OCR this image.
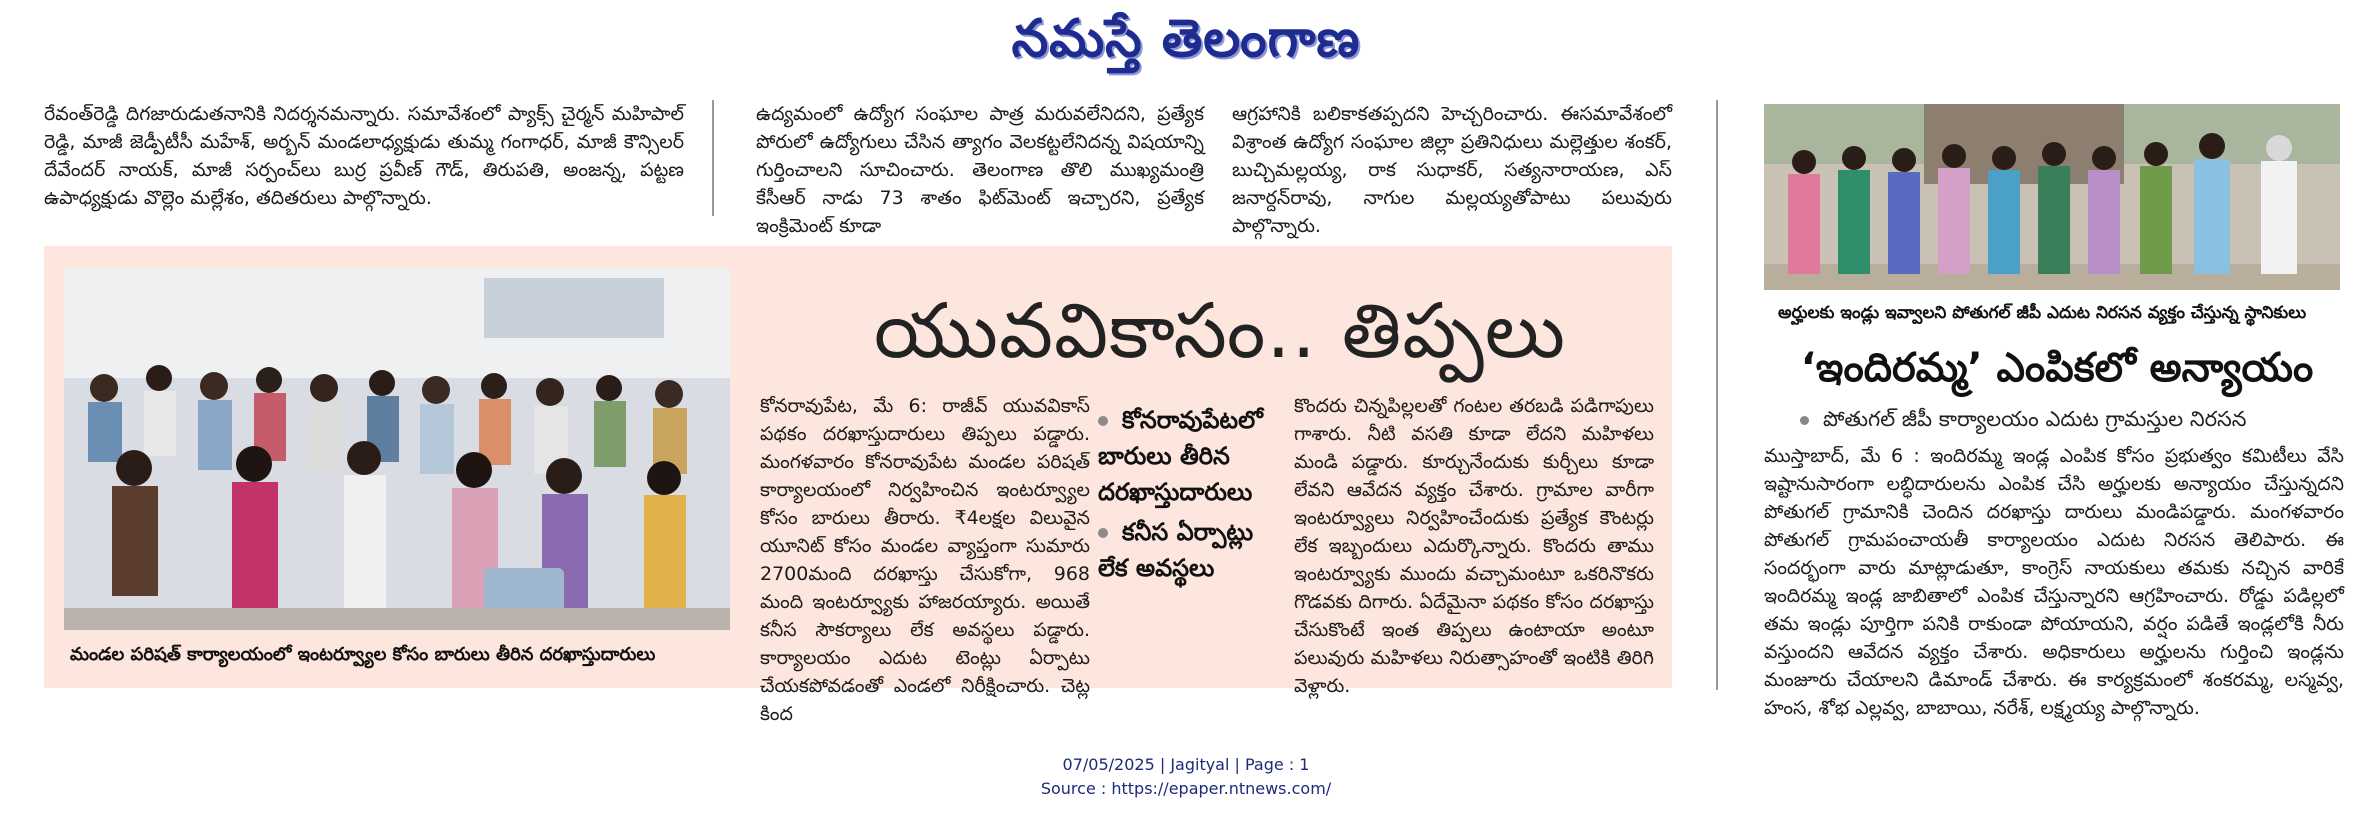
నమస్తే తెలంగాణ
రేవంత్‌రెడ్డి దిగజారుడుతనానికి నిదర్శనమన్నారు. సమావేశంలో ప్యాక్స్ చైర్మన్ మహిపాల్ రెడ్డి, మాజీ జెడ్పీటీసీ మహేశ్, అర్బన్ మండలాధ్యక్షుడు తుమ్మ గంగాధర్, మాజీ కౌన్సిలర్ దేవేందర్ నాయక్, మాజీ సర్పంచ్‌లు బుర్ర ప్రవీణ్ గౌడ్, తిరుపతి, అంజన్న, పట్టణ ఉపాధ్యక్షుడు వొల్లెం మల్లేశం, తదితరులు పాల్గొన్నారు.
ఉద్యమంలో ఉద్యోగ సంఘాల పాత్ర మరువలేనిదని, ప్రత్యేక పోరులో ఉద్యోగులు చేసిన త్యాగం వెలకట్టలేనిదన్న విషయాన్ని గుర్తించాలని సూచించారు. తెలంగాణ తొలి ముఖ్యమంత్రి కేసీఆర్ నాడు 73 శాతం ఫిట్‌మెంట్ ఇచ్చారని, ప్రత్యేక ఇంక్రిమెంట్ కూడా
ఆగ్రహానికి బలికాకతప్పదని హెచ్చరించారు. ఈసమావేశంలో విశ్రాంత ఉద్యోగ సంఘాల జిల్లా ప్రతినిధులు మల్లెత్తుల శంకర్, బుచ్చిమల్లయ్య, రాక సుధాకర్, సత్యనారాయణ, ఎస్ జనార్దన్‌రావు, నాగుల మల్లయ్యతోపాటు పలువురు పాల్గొన్నారు.
మండల పరిషత్ కార్యాలయంలో ఇంటర్వ్యూల కోసం బారులు తీరిన దరఖాస్తుదారులు
యువవికాసం.. తిప్పలు
కోనరావుపేట, మే 6: రాజీవ్ యువవికాస్ పథకం దరఖాస్తుదారులు తిప్పలు పడ్డారు. మంగళవారం కోనరావుపేట మండల పరిషత్ కార్యాలయంలో నిర్వహించిన ఇంటర్వ్యూల కోసం బారులు తీరారు. ₹4లక్షల విలువైన యూనిట్ కోసం మండల వ్యాప్తంగా సుమారు 2700మంది దరఖాస్తు చేసుకోగా, 968 మంది ఇంటర్వ్యూకు హాజరయ్యారు. అయితే కనీస సౌకర్యాలు లేక అవస్థలు పడ్డారు. కార్యాలయం ఎదుట టెంట్లు ఏర్పాటు చేయకపోవడంతో ఎండలో నిరీక్షించారు. చెట్ల కింద
కోనరావుపేటలో బారులు తీరిన దరఖాస్తుదారులు
కనీస ఏర్పాట్లు లేక అవస్థలు
కొందరు చిన్నపిల్లలతో గంటల తరబడి పడిగాపులు గాశారు. నీటి వసతి కూడా లేదని మహిళలు మండి పడ్డారు. కూర్చునేందుకు కుర్చీలు కూడా లేవని ఆవేదన వ్యక్తం చేశారు. గ్రామాల వారీగా ఇంటర్వ్యూలు నిర్వహించేందుకు ప్రత్యేక కౌంటర్లు లేక ఇబ్బందులు ఎదుర్కొన్నారు. కొందరు తాము ఇంటర్వ్యూకు ముందు వచ్చామంటూ ఒకరినొకరు గొడవకు దిగారు. ఏదేమైనా పథకం కోసం దరఖాస్తు చేసుకొంటే ఇంత తిప్పలు ఉంటాయా అంటూ పలువురు మహిళలు నిరుత్సాహంతో ఇంటికి తిరిగి వెళ్లారు.
అర్హులకు ఇండ్లు ఇవ్వాలని పోతుగల్ జీపీ ఎదుట నిరసన వ్యక్తం చేస్తున్న స్థానికులు
‘ఇందిరమ్మ’ ఎంపికలో అన్యాయం
పోతుగల్ జీపీ కార్యాలయం ఎదుట గ్రామస్తుల నిరసన
ముస్తాబాద్, మే 6 : ఇందిరమ్మ ఇండ్ల ఎంపిక కోసం ప్రభుత్వం కమిటీలు వేసి ఇష్టానుసారంగా లబ్ధిదారులను ఎంపిక చేసి అర్హులకు అన్యాయం చేస్తున్నదని పోతుగల్ గ్రామానికి చెందిన దరఖాస్తు దారులు మండిపడ్డారు. మంగళవారం పోతుగల్ గ్రామపంచాయతీ కార్యాలయం ఎదుట నిరసన తెలిపారు. ఈ సందర్భంగా వారు మాట్లాడుతూ, కాంగ్రెస్ నాయకులు తమకు నచ్చిన వారికే ఇందిరమ్మ ఇండ్ల జాబితాలో ఎంపిక చేస్తున్నారని ఆగ్రహించారు. రోడ్డు పడిల్లలో తమ ఇండ్లు పూర్తిగా పనికి రాకుండా పోయాయని, వర్షం పడితే ఇండ్లలోకి నీరు వస్తుందని ఆవేదన వ్యక్తం చేశారు. అధికారులు అర్హులను గుర్తించి ఇండ్లను మంజూరు చేయాలని డిమాండ్ చేశారు. ఈ కార్యక్రమంలో శంకరమ్మ, లస్మవ్వ, హంస, శోభ ఎల్లవ్వ, బాబాయి, నరేశ్, లక్ష్మయ్య పాల్గొన్నారు.
07/05/2025 | Jagityal | Page : 1
Source : https://epaper.ntnews.com/
